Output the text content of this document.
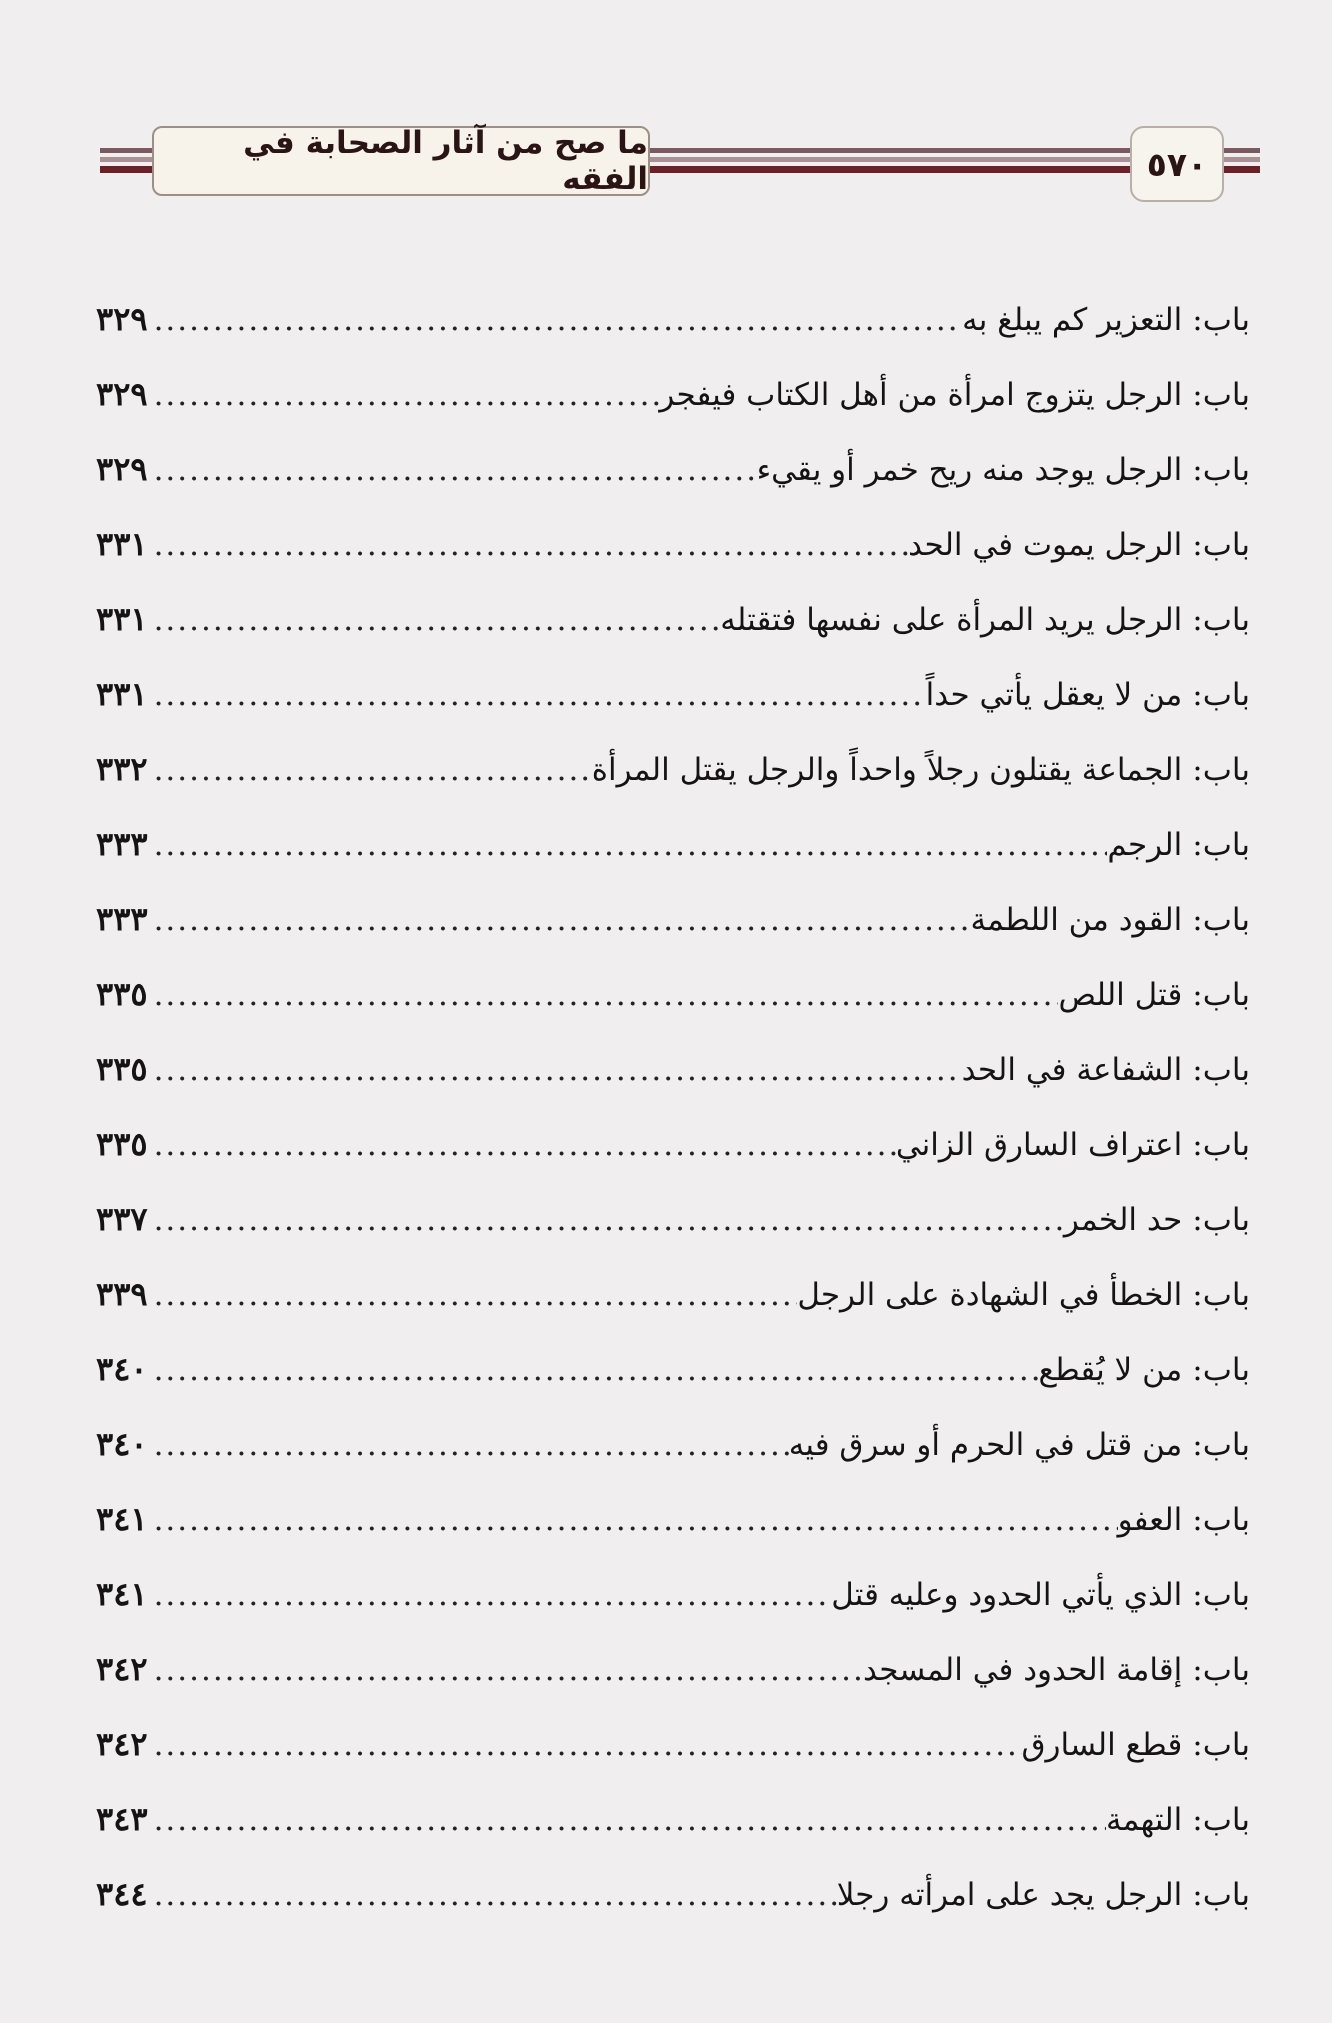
ما صح من آثار الصحابة في الفقه	٥٧٠
باب:
التعزير كم يبلغ به
.....
٣٢٩
باب:
الرجل يتزوج امرأة من أهل الكتاب فيفجر
.....
٣٢٩
باب:
الرجل يوجد منه ريح خمر أو يقيء
.....
٣٢٩
باب:
الرجل يموت في الحد
.....
٣٣١
باب:
الرجل يريد المرأة على نفسها فتقتله
.....
٣٣١
باب:
من لا يعقل يأتي حداً
.....
٣٣١
باب:
الجماعة يقتلون رجلاً واحداً والرجل يقتل المرأة
.....
٣٣٢
باب:
الرجم
.....
٣٣٣
باب:
القود من اللطمة
.....
٣٣٣
باب:
قتل اللص
.....
٣٣٥
باب:
الشفاعة في الحد
.....
٣٣٥
باب:
اعتراف السارق الزاني
.....
٣٣٥
باب:
حد الخمر
.....
٣٣٧
باب:
الخطأ في الشهادة على الرجل
.....
٣٣٩
باب:
من لا يُقطع
.....
٣٤٠
باب:
من قتل في الحرم أو سرق فيه
.....
٣٤٠
باب:
العفو
.....
٣٤١
باب:
الذي يأتي الحدود وعليه قتل
.....
٣٤١
باب:
إقامة الحدود في المسجد
.....
٣٤٢
باب:
قطع السارق
.....
٣٤٢
باب:
التهمة
.....
٣٤٣
باب:
الرجل يجد على امرأته رجلا
.....
٣٤٤
